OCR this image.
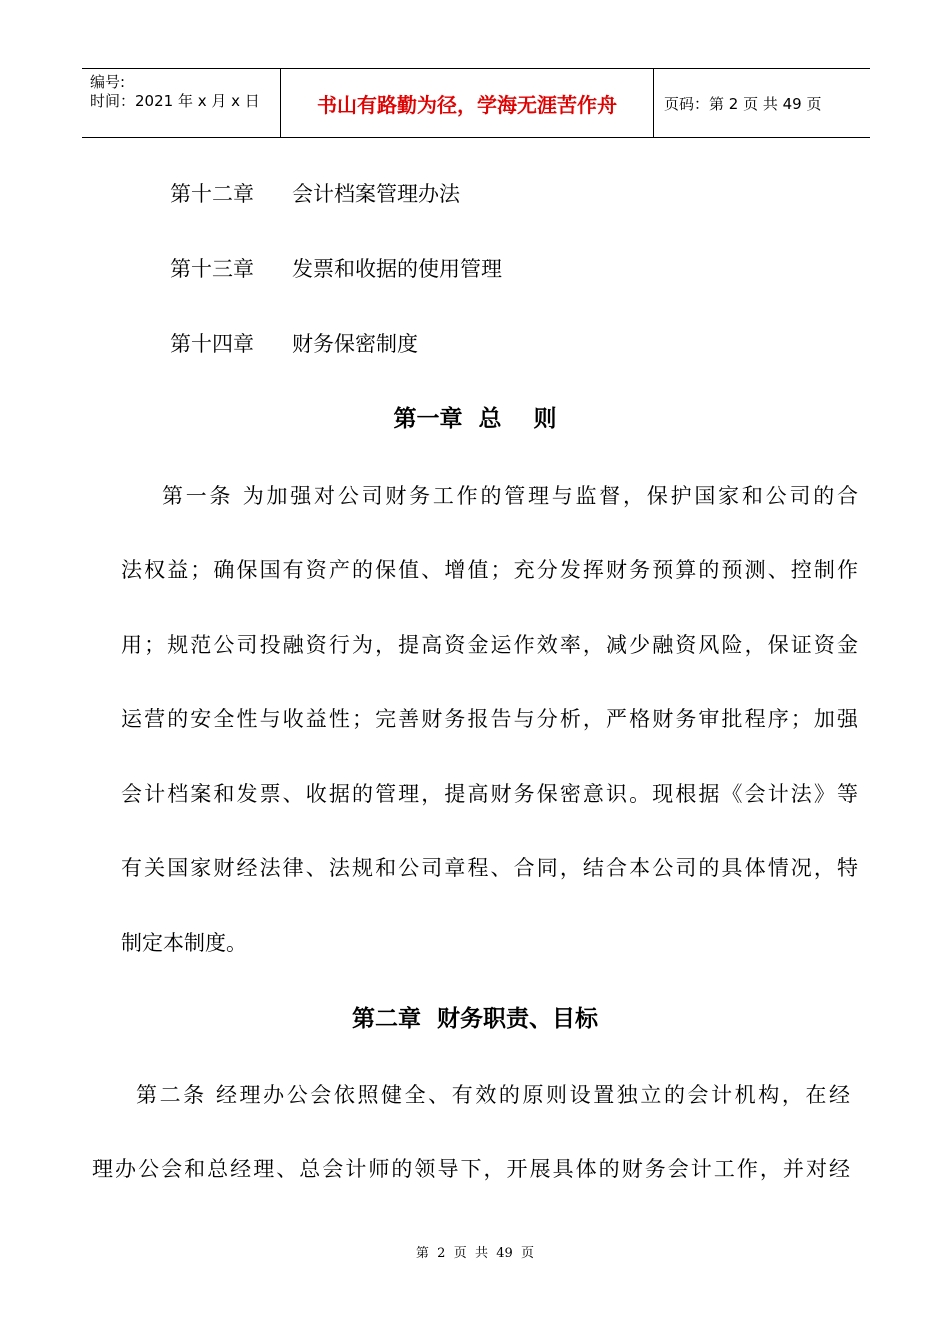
编号:
时间：2021 年 x 月 x 日	书山有路勤为径，学海无涯苦作舟	页码：第 2 页 共 49 页
第十二章 会计档案管理办法
第十三章 发票和收据的使用管理
第十四章 财务保密制度
第一章  总    则
第一条 为加强对公司财务工作的管理与监督，保护国家和公司的合
法权益；确保国有资产的保值、增值；充分发挥财务预算的预测、控制作
用；规范公司投融资行为，提高资金运作效率，减少融资风险，保证资金
运营的安全性与收益性；完善财务报告与分析，严格财务审批程序；加强
会计档案和发票、收据的管理，提高财务保密意识。现根据《会计法》等
有关国家财经法律、法规和公司章程、合同，结合本公司的具体情况，特
制定本制度。
第二章  财务职责、目标
第二条 经理办公会依照健全、有效的原则设置独立的会计机构，在经
理办公会和总经理、总会计师的领导下，开展具体的财务会计工作，并对经
第  2  页  共  49  页
